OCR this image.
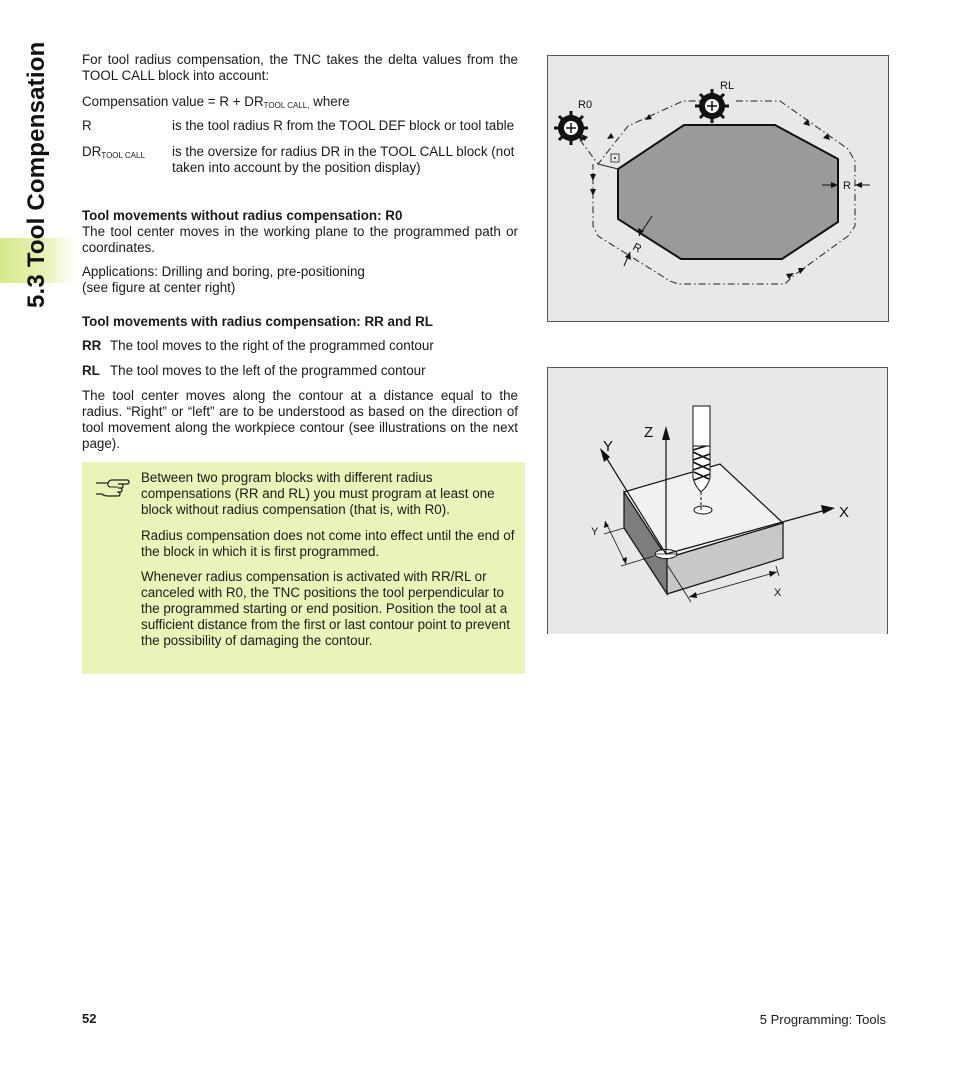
5.3 Tool Compensation For tool radius compensation, the TNC takes the delta values from the TOOL CALL block into account:

Compensation value = $R + DR_{TOOL CALL,}$ where

R	is the tool radius R from the TOOL DEF block or tool table

$DR_{TOOL CALL}$ is the oversize for radius DR in the TOOL CALL block (not taken into account by the position display)

Tool movements without radius compensation: R0

The tool center moves in the working plane to the programmed path or coordinates.

Applications: Drilling and boring, pre-positioning

(see figure at center right)

Tool movements with radius compensation: RR and RL

RR The tool moves to the right of the programmed contour
RL The tool moves to the left of the programmed contour

The tool center moves along the contour at a distance equal to the radius. “Right” or “left” are to be understood as based on the direction of tool movement along the workpiece contour (see illustrations on the next page).

Between two program blocks with different radius compensations (RR and RL) you must program at least one block without radius compensation (that is, with R0).

Radius compensation does not come into effect until the end of the block in which it is first programmed.

Whenever radius compensation is activated with RR/RL or canceled with R0, the TNC positions the tool perpendicular to the programmed starting or end position. Position the tool at a sufficient distance from the first or last contour point to prevent the possibility of damaging the contour.

R
R
R0
RL
Z
Y
X
Y
X
52	5 Programming: Tools
